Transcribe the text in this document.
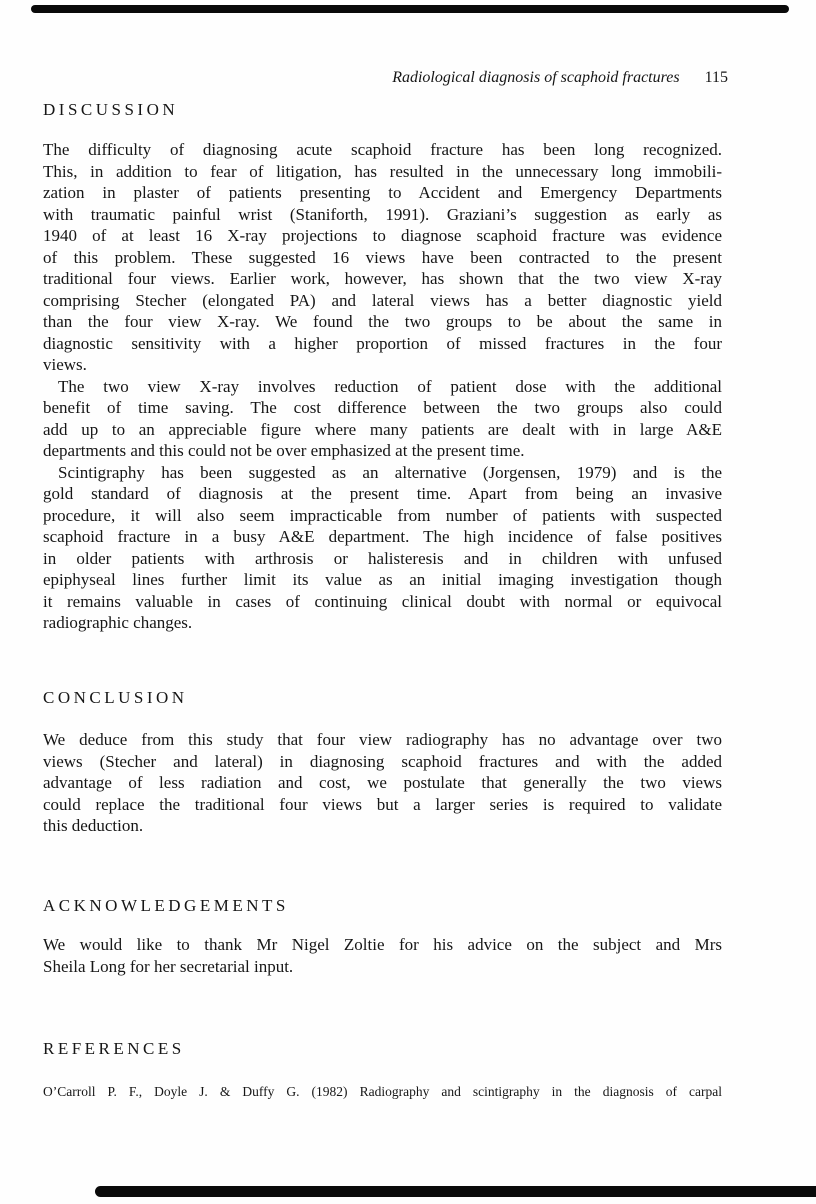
Radiological diagnosis of scaphoid fractures 115
DISCUSSION
The difficulty of diagnosing acute scaphoid fracture has been long recognized.
This, in addition to fear of litigation, has resulted in the unnecessary long immobili-
zation in plaster of patients presenting to Accident and Emergency Departments
with traumatic painful wrist (Staniforth, 1991). Graziani’s suggestion as early as
1940 of at least 16 X-ray projections to diagnose scaphoid fracture was evidence
of this problem. These suggested 16 views have been contracted to the present
traditional four views. Earlier work, however, has shown that the two view X-ray
comprising Stecher (elongated PA) and lateral views has a better diagnostic yield
than the four view X-ray. We found the two groups to be about the same in
diagnostic sensitivity with a higher proportion of missed fractures in the four
views.
The two view X-ray involves reduction of patient dose with the additional
benefit of time saving. The cost difference between the two groups also could
add up to an appreciable figure where many patients are dealt with in large A&E
departments and this could not be over emphasized at the present time.
Scintigraphy has been suggested as an alternative (Jorgensen, 1979) and is the
gold standard of diagnosis at the present time. Apart from being an invasive
procedure, it will also seem impracticable from number of patients with suspected
scaphoid fracture in a busy A&E department. The high incidence of false positives
in older patients with arthrosis or halisteresis and in children with unfused
epiphyseal lines further limit its value as an initial imaging investigation though
it remains valuable in cases of continuing clinical doubt with normal or equivocal
radiographic changes.
CONCLUSION
We deduce from this study that four view radiography has no advantage over two
views (Stecher and lateral) in diagnosing scaphoid fractures and with the added
advantage of less radiation and cost, we postulate that generally the two views
could replace the traditional four views but a larger series is required to validate
this deduction.
ACKNOWLEDGEMENTS
We would like to thank Mr Nigel Zoltie for his advice on the subject and Mrs
Sheila Long for her secretarial input.
REFERENCES
O’Carroll P. F., Doyle J. & Duffy G. (1982) Radiography and scintigraphy in the diagnosis of carpal
